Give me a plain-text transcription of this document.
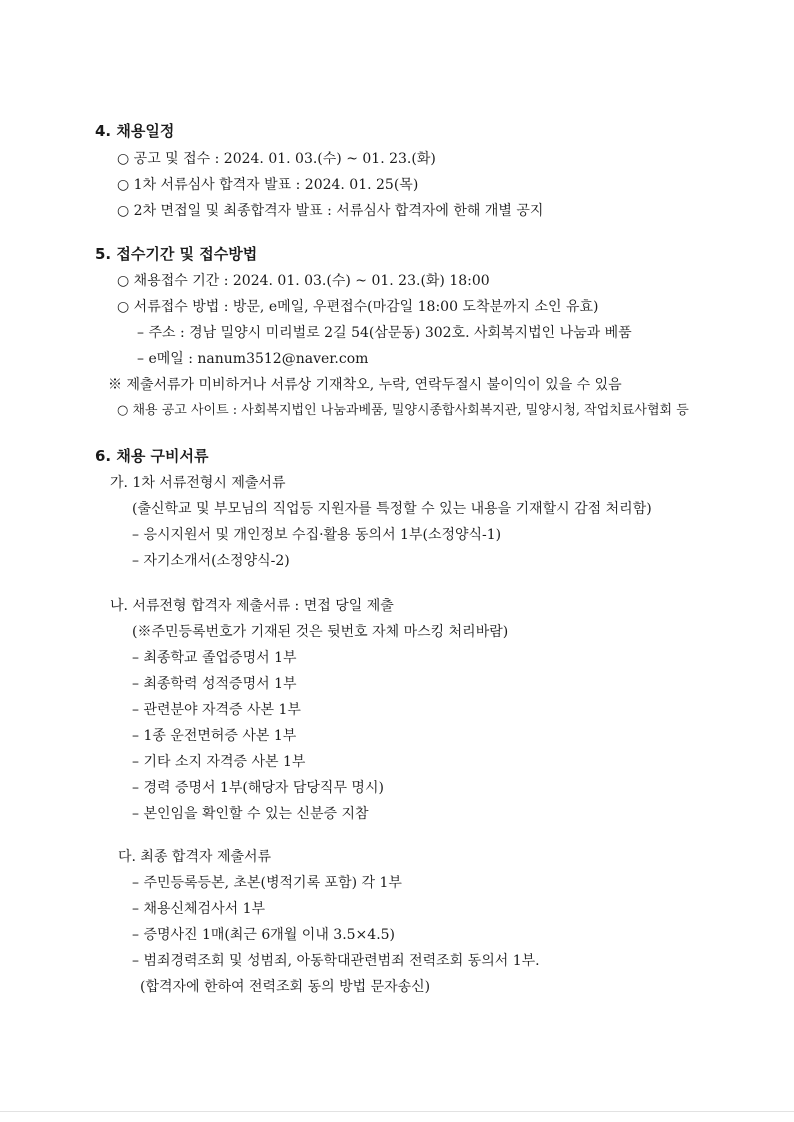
4. 채용일정
○ 공고 및 접수 : 2024. 01. 03.(수) ~ 01. 23.(화)
○ 1차 서류심사 합격자 발표 : 2024. 01. 25(목)
○ 2차 면접일 및 최종합격자 발표 : 서류심사 합격자에 한해 개별 공지
5. 접수기간 및 접수방법
○ 채용접수 기간 : 2024. 01. 03.(수) ~ 01. 23.(화) 18:00
○ 서류접수 방법 : 방문, e메일, 우편접수(마감일 18:00 도착분까지 소인 유효)
– 주소 : 경남 밀양시 미리벌로 2길 54(삼문동) 302호. 사회복지법인 나눔과 베품
– e메일 : nanum3512@naver.com
※ 제출서류가 미비하거나 서류상 기재착오, 누락, 연락두절시 불이익이 있을 수 있음
○ 채용 공고 사이트 : 사회복지법인 나눔과베품, 밀양시종합사회복지관, 밀양시청, 작업치료사협회 등
6. 채용 구비서류
가. 1차 서류전형시 제출서류
(출신학교 및 부모님의 직업등 지원자를 특정할 수 있는 내용을 기재할시 감점 처리함)
– 응시지원서 및 개인정보 수집·활용 동의서 1부(소정양식-1)
– 자기소개서(소정양식-2)
나. 서류전형 합격자 제출서류 : 면접 당일 제출
(※주민등록번호가 기재된 것은 뒷번호 자체 마스킹 처리바람)
– 최종학교 졸업증명서 1부
– 최종학력 성적증명서 1부
– 관련분야 자격증 사본 1부
– 1종 운전면허증 사본 1부
– 기타 소지 자격증 사본 1부
– 경력 증명서 1부(해당자 담당직무 명시)
– 본인임을 확인할 수 있는 신분증 지참
다. 최종 합격자 제출서류
– 주민등록등본, 초본(병적기록 포함) 각 1부
– 채용신체검사서 1부
– 증명사진 1매(최근 6개월 이내 3.5×4.5)
– 범죄경력조회 및 성범죄, 아동학대관련범죄 전력조회 동의서 1부.
(합격자에 한하여 전력조회 동의 방법 문자송신)
